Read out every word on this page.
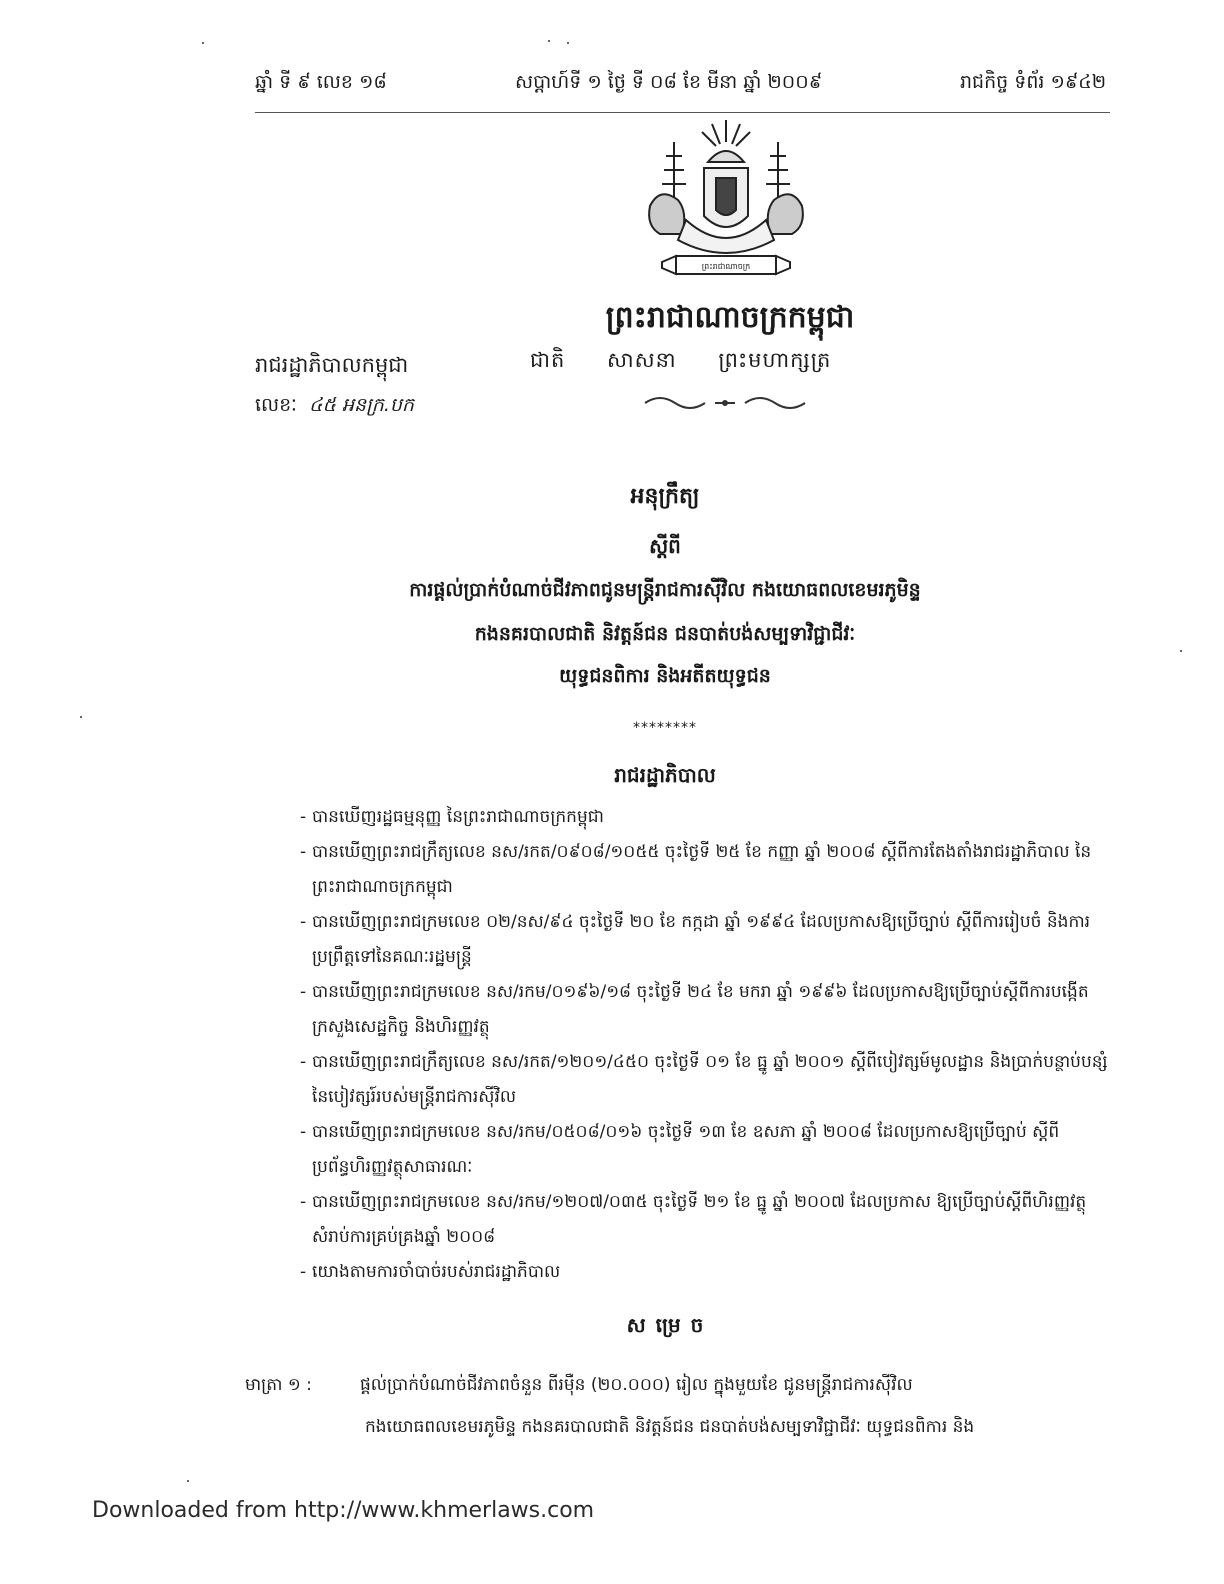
ឆ្នាំ ទី ៩ លេខ ១៨	សប្តាហ៍ទី ១ ថ្ងៃ ទី ០៨ ខែ មីនា ឆ្នាំ ២០០៩	រាជកិច្ច ទំព័រ ១៩៤២
ព្រះរាជាណាចក្រ
ព្រះរាជាណាចក្រកម្ពុជា
រាជរដ្ឋាភិបាលកម្ពុជា	ជាតិ សាសនា ព្រះមហាក្សត្រ
លេខៈ ៤៥ អនក្រ.បក
អនុក្រឹត្យ
ស្តីពី
ការផ្តល់ប្រាក់បំណាច់ជីវភាពជូនមន្ត្រីរាជការស៊ីវិល កងយោធពលខេមរភូមិន្ទ
កងនគរបាលជាតិ និវត្តន៍ជន ជនបាត់បង់សម្បទាវិជ្ជាជីវៈ
យុទ្ធជនពិការ និងអតីតយុទ្ធជន
********
រាជរដ្ឋាភិបាល
- បានឃើញរដ្ឋធម្មនុញ្ញ នៃព្រះរាជាណាចក្រកម្ពុជា
- បានឃើញព្រះរាជក្រឹត្យលេខ នស/រកត/០៩០៨/១០៥៥ ចុះថ្ងៃទី ២៥ ខែ កញ្ញា ឆ្នាំ ២០០៨ ស្តីពីការតែងតាំងរាជរដ្ឋាភិបាល នៃព្រះរាជាណាចក្រកម្ពុជា
- បានឃើញព្រះរាជក្រមលេខ ០២/នស/៩៤ ចុះថ្ងៃទី ២០ ខែ កក្កដា ឆ្នាំ ១៩៩៤ ដែលប្រកាសឱ្យប្រើច្បាប់ ស្តីពីការរៀបចំ និងការប្រព្រឹត្តទៅនៃគណៈរដ្ឋមន្ត្រី
- បានឃើញព្រះរាជក្រមលេខ នស/រកម/០១៩៦/១៨ ចុះថ្ងៃទី ២៤ ខែ មករា ឆ្នាំ ១៩៩៦ ដែលប្រកាសឱ្យប្រើច្បាប់ស្តីពីការបង្កើតក្រសួងសេដ្ឋកិច្ច និងហិរញ្ញវត្ថុ
- បានឃើញព្រះរាជក្រឹត្យលេខ នស/រកត/១២០១/៤៥០ ចុះថ្ងៃទី ០១ ខែ ធ្នូ ឆ្នាំ ២០០១ ស្តីពីបៀវត្សម៍មូលដ្ឋាន និងប្រាក់បន្ថាប់បន្សំ នៃបៀវត្សរ៍របស់មន្ត្រីរាជការស៊ីវិល
- បានឃើញព្រះរាជក្រមលេខ នស/រកម/០៥០៨/០១៦ ចុះថ្ងៃទី ១៣ ខែ ឧសភា ឆ្នាំ ២០០៨ ដែលប្រកាសឱ្យប្រើច្បាប់ ស្តីពីប្រព័ន្ធហិរញ្ញវត្ថុសាធារណៈ
- បានឃើញព្រះរាជក្រមលេខ នស/រកម/១២០៧/០៣៥ ចុះថ្ងៃទី ២១ ខែ ធ្នូ ឆ្នាំ ២០០៧ ដែលប្រកាស ឱ្យប្រើច្បាប់ស្តីពីហិរញ្ញវត្ថុសំរាប់ការគ្រប់គ្រងឆ្នាំ ២០០៨
- យោងតាមការចាំបាច់របស់រាជរដ្ឋាភិបាល
សម្រេច
មាត្រា ១ :	ផ្តល់ប្រាក់បំណាច់ជីវភាពចំនួន ពីរម៉ឺន (២០.០០០) រៀល ក្នុងមួយខែ ជូនមន្ត្រីរាជការស៊ីវិល
កងយោធពលខេមរភូមិន្ទ កងនគរបាលជាតិ និវត្តន៍ជន ជនបាត់បង់សម្បទាវិជ្ជាជីវៈ យុទ្ធជនពិការ និង
Downloaded from http://www.khmerlaws.com
